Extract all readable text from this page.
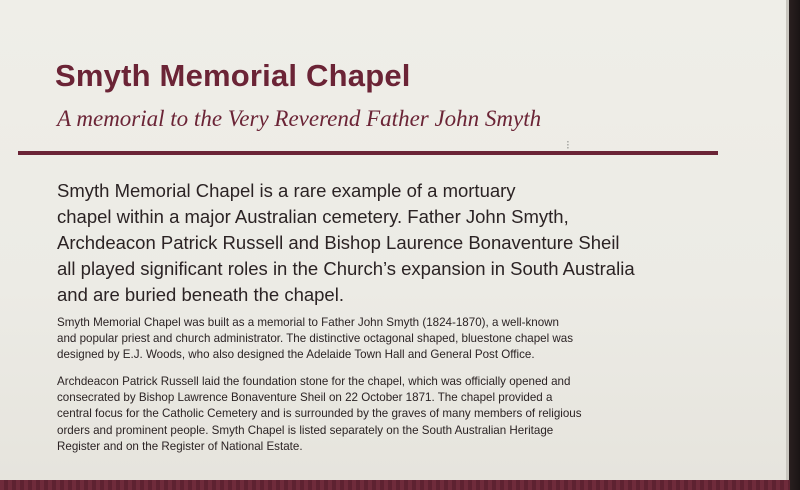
Smyth Memorial Chapel
A memorial to the Very Reverend Father John Smyth
⁝
Smyth Memorial Chapel is a rare example of a mortuary
chapel within a major Australian cemetery. Father John Smyth,
Archdeacon Patrick Russell and Bishop Laurence Bonaventure Sheil
all played significant roles in the Church’s expansion in South Australia
and are buried beneath the chapel.
Smyth Memorial Chapel was built as a memorial to Father John Smyth (1824-1870), a well-known
and popular priest and church administrator. The distinctive octagonal shaped, bluestone chapel was
designed by E.J. Woods, who also designed the Adelaide Town Hall and General Post Office.
Archdeacon Patrick Russell laid the foundation stone for the chapel, which was officially opened and
consecrated by Bishop Lawrence Bonaventure Sheil on 22 October 1871. The chapel provided a
central focus for the Catholic Cemetery and is surrounded by the graves of many members of religious
orders and prominent people. Smyth Chapel is listed separately on the South Australian Heritage
Register and on the Register of National Estate.
